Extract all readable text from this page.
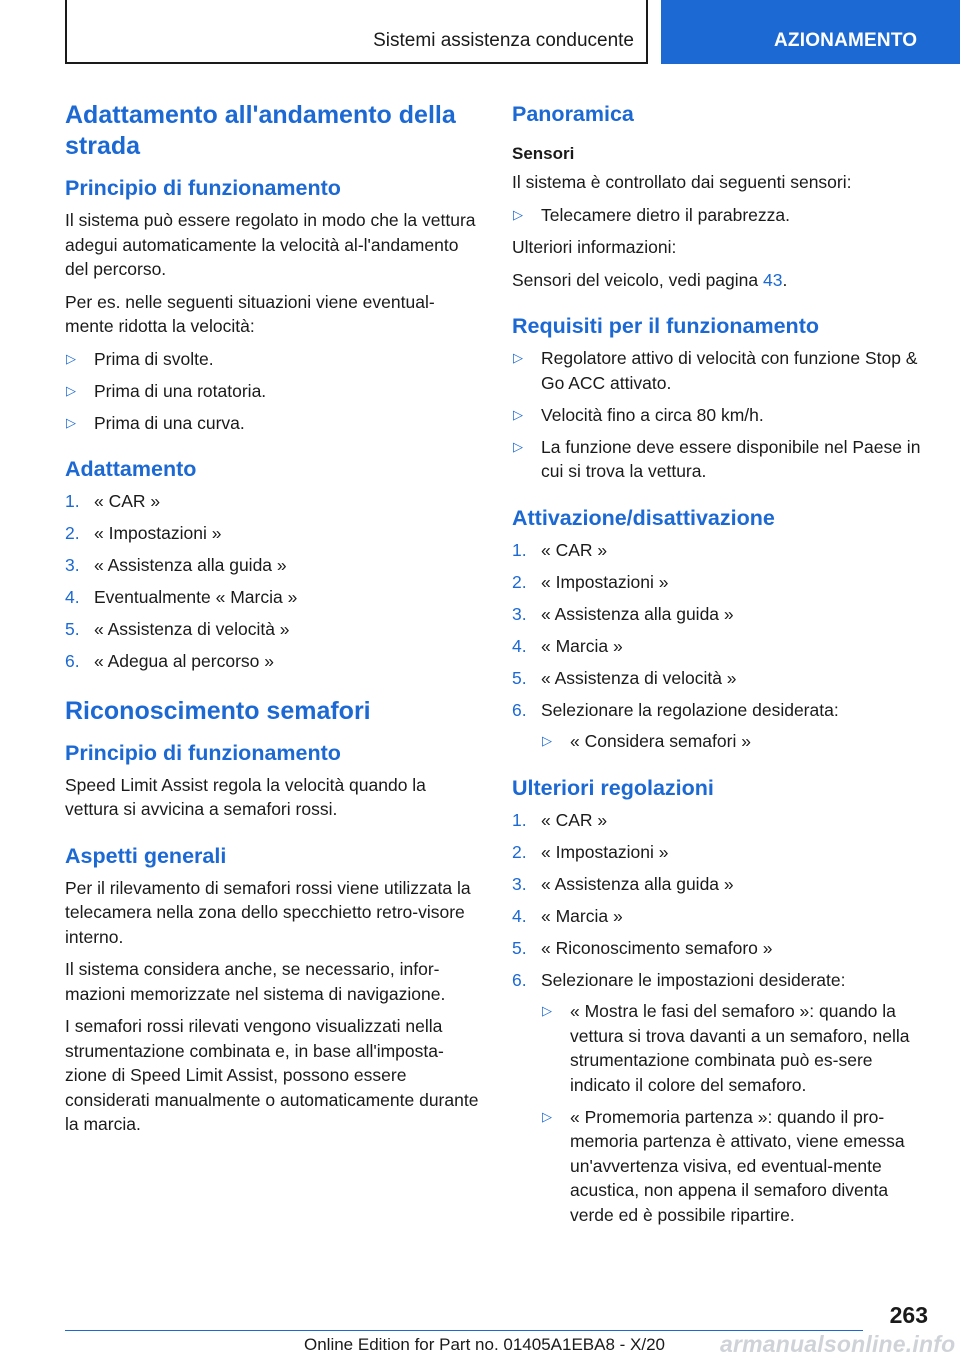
Sistemi assistenza conducente	AZIONAMENTO
Adattamento all'andamento della strada
Principio di funzionamento

Il sistema può essere regolato in modo che la vettura adegui automaticamente la velocità al-l'andamento del percorso.

Per es. nelle seguenti situazioni viene eventual-mente ridotta la velocità:

▷ Prima di svolte.
▷ Prima di una rotatoria.
▷ Prima di una curva.
Adattamento
1. « CAR »
2. « Impostazioni »
3. « Assistenza alla guida »
4. Eventualmente « Marcia »
5. « Assistenza di velocità »
6. « Adegua al percorso »
Riconoscimento semafori
Principio di funzionamento

Speed Limit Assist regola la velocità quando la vettura si avvicina a semafori rossi.

Aspetti generali

Per il rilevamento di semafori rossi viene utilizzata la telecamera nella zona dello specchietto retro-visore interno.

Il sistema considera anche, se necessario, infor-mazioni memorizzate nel sistema di navigazione.

I semafori rossi rilevati vengono visualizzati nella strumentazione combinata e, in base all'imposta-zione di Speed Limit Assist, possono essere considerati manualmente o automaticamente durante la marcia.

Panoramica
Sensori

Il sistema è controllato dai seguenti sensori:

▷ Telecamere dietro il parabrezza.

Ulteriori informazioni:

Sensori del veicolo, vedi pagina 43.

Requisiti per il funzionamento
▷ Regolatore attivo di velocità con funzione Stop & Go ACC attivato.
▷ Velocità fino a circa 80 km/h.
▷ La funzione deve essere disponibile nel Paese in cui si trova la vettura.
Attivazione/disattivazione
1. « CAR »
2. « Impostazioni »
3. « Assistenza alla guida »
4. « Marcia »
5. « Assistenza di velocità »
6. Selezionare la regolazione desiderata:
▷ « Considera semafori »
Ulteriori regolazioni
1. « CAR »
2. « Impostazioni »
3. « Assistenza alla guida »
4. « Marcia »
5. « Riconoscimento semaforo »
6. Selezionare le impostazioni desiderate:
▷ « Mostra le fasi del semaforo »: quando la vettura si trova davanti a un semaforo, nella strumentazione combinata può es-sere indicato il colore del semaforo.
▷ « Promemoria partenza »: quando il pro-memoria partenza è attivato, viene emessa un'avvertenza visiva, ed eventual-mente acustica, non appena il semaforo diventa verde ed è possibile ripartire.
263
Online Edition for Part no. 01405A1EBA8 - X/20 armanualsonline.info
